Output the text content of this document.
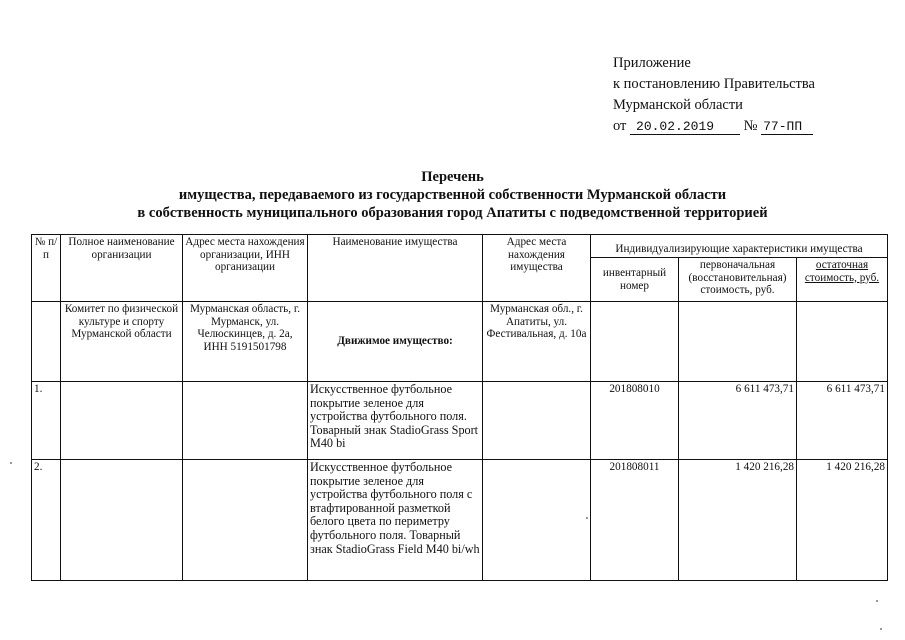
Приложение
к постановлению Правительства
Мурманской области
от 20.02.2019 № 77-ПП
Перечень
имущества, передаваемого из государственной собственности Мурманской области
в собственность муниципального образования город Апатиты с подведомственной территорией
№ п/п	Полное наименование организации	Адрес места нахождения организации, ИНН организации	Наименование имущества	Адрес места нахождения имущества	Индивидуализирующие характеристики имущества		
					инвентарный номер	первоначальная (восстановительная) стоимость, руб.	остаточная стоимость, руб.
	Комитет по физической культуре и спорту Мурманской области	Мурманская область, г. Мурманск, ул. Челюскинцев, д. 2а, ИНН 5191501798	Движимое имущество:	Мурманская обл., г. Апатиты, ул. Фестивальная, д. 10а			
1.			Искусственное футбольное покрытие зеленое для устройства футбольного поля. Товарный знак StadioGrass Sport M40 bi		201808010	6 611 473,71	6 611 473,71
2.			Искусственное футбольное покрытие зеленое для устройства футбольного поля с втафтированной разметкой белого цвета по периметру футбольного поля. Товарный знак StadioGrass Field M40 bi/wh		201808011	1 420 216,28	1 420 216,28
